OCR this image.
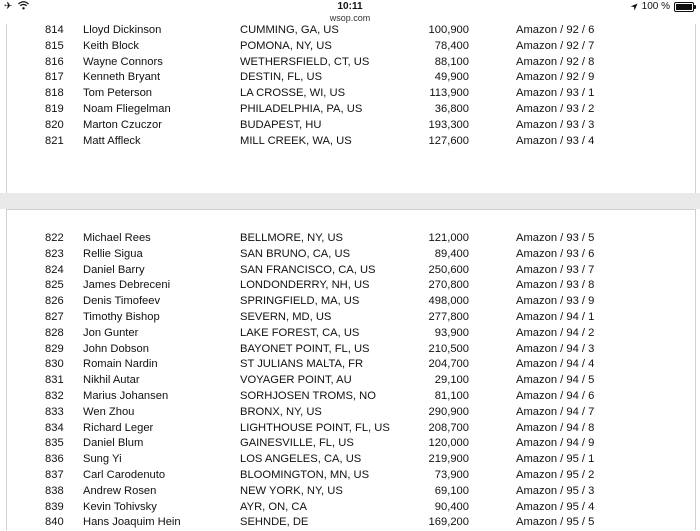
✈	10:11	100 %
wsop.com
814 Lloyd Dickinson	CUMMING, GA, US	100,900	Amazon / 92 / 6
815 Keith Block	POMONA, NY, US	78,400	Amazon / 92 / 7
816 Wayne Connors	WETHERSFIELD, CT, US	88,100	Amazon / 92 / 8
817 Kenneth Bryant	DESTIN, FL, US	49,900	Amazon / 92 / 9
818 Tom Peterson	LA CROSSE, WI, US	113,900	Amazon / 93 / 1
819 Noam Fliegelman	PHILADELPHIA, PA, US	36,800	Amazon / 93 / 2
820 Marton Czuczor	BUDAPEST, HU	193,300	Amazon / 93 / 3
821 Matt Affleck	MILL CREEK, WA, US	127,600	Amazon / 93 / 4
822 Michael Rees	BELLMORE, NY, US	121,000	Amazon / 93 / 5
823 Rellie Sigua	SAN BRUNO, CA, US	89,400	Amazon / 93 / 6
824 Daniel Barry	SAN FRANCISCO, CA, US	250,600	Amazon / 93 / 7
825 James Debreceni	LONDONDERRY, NH, US	270,800	Amazon / 93 / 8
826 Denis Timofeev	SPRINGFIELD, MA, US	498,000	Amazon / 93 / 9
827 Timothy Bishop	SEVERN, MD, US	277,800	Amazon / 94 / 1
828 Jon Gunter	LAKE FOREST, CA, US	93,900	Amazon / 94 / 2
829 John Dobson	BAYONET POINT, FL, US	210,500	Amazon / 94 / 3
830 Romain Nardin	ST JULIANS MALTA, FR	204,700	Amazon / 94 / 4
831 Nikhil Autar	VOYAGER POINT, AU	29,100	Amazon / 94 / 5
832 Marius Johansen	SORHJOSEN TROMS, NO	81,100	Amazon / 94 / 6
833 Wen Zhou	BRONX, NY, US	290,900	Amazon / 94 / 7
834 Richard Leger	LIGHTHOUSE POINT, FL, US	208,700	Amazon / 94 / 8
835 Daniel Blum	GAINESVILLE, FL, US	120,000	Amazon / 94 / 9
836 Sung Yi	LOS ANGELES, CA, US	219,900	Amazon / 95 / 1
837 Carl Carodenuto	BLOOMINGTON, MN, US	73,900	Amazon / 95 / 2
838 Andrew Rosen	NEW YORK, NY, US	69,100	Amazon / 95 / 3
839 Kevin Tohivsky	AYR, ON, CA	90,400	Amazon / 95 / 4
840 Hans Joaquim Hein	SEHNDE, DE	169,200	Amazon / 95 / 5
